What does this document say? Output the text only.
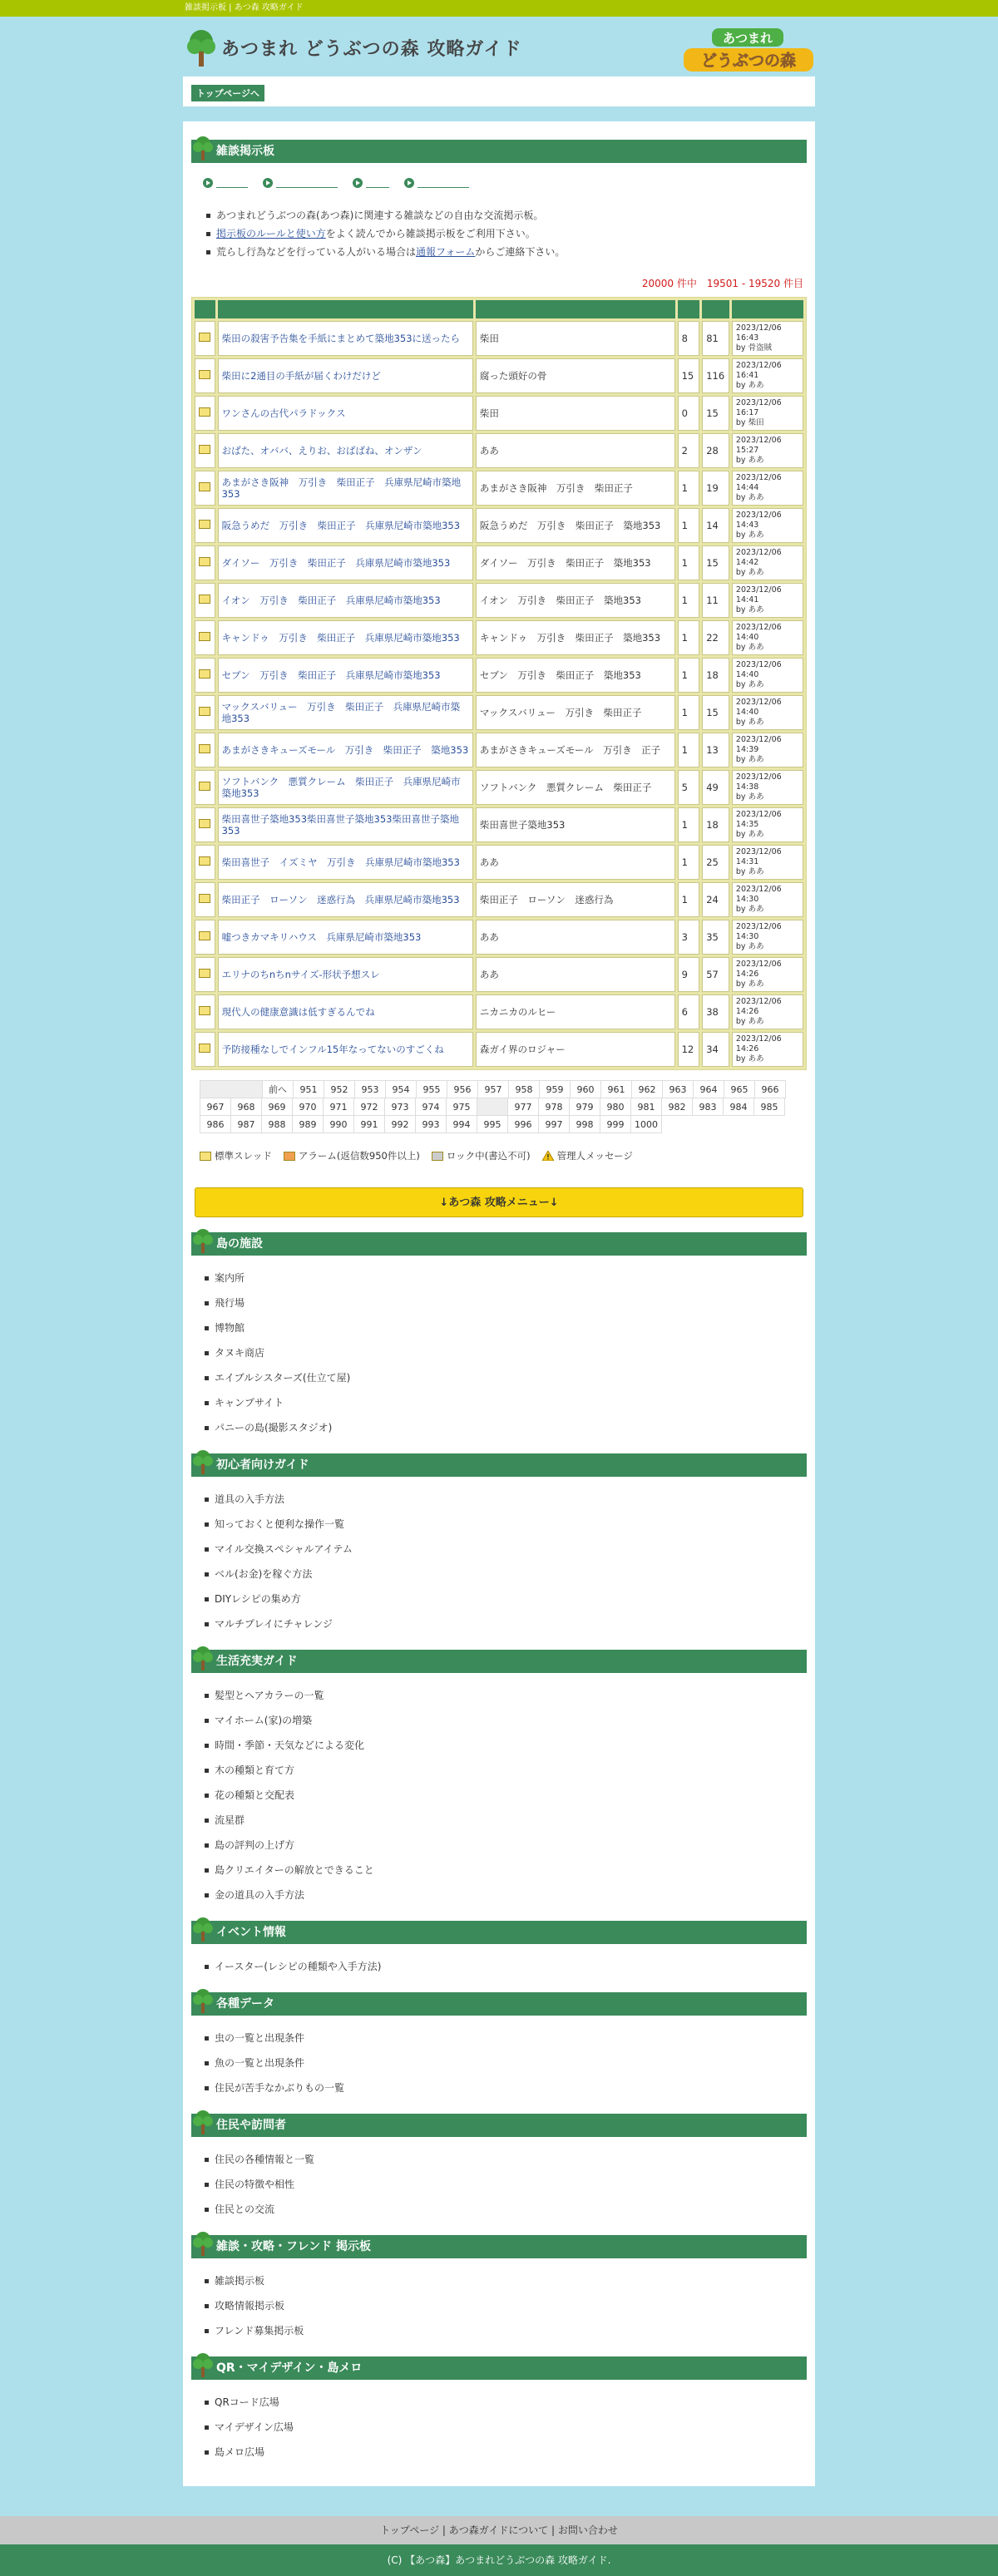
雑談掲示板 | あつ森 攻略ガイド
あつまれ どうぶつの森 攻略ガイド
あつまれ
どうぶつの森
トップページへ
雑談掲示板
あつまれどうぶつの森(あつ森)に関連する雑談などの自由な交流掲示板。
掲示板のルールと使い方をよく読んでから雑談掲示板をご利用下さい。
荒らし行為などを行っている人がいる場合は通報フォームからご連絡下さい。
20000 件中　19501 - 19520 件目

	柴田の殺害予告集を手紙にまとめて築地353に送ったら	柴田	8	81	2023/12/06 16:43
by 骨盗賊
	柴田に2通目の手紙が届くわけだけど	腐った頭好の骨	15	116	2023/12/06 16:41
by ああ
	ワンさんの古代パラドックス	柴田	0	15	2023/12/06 16:17
by 柴田
	おばた、オババ、えりお、おばばね、オンザン	ああ	2	28	2023/12/06 15:27
by ああ
	あまがさき阪神　万引き　柴田正子　兵庫県尼崎市築地353	あまがさき阪神　万引き　柴田正子	1	19	2023/12/06 14:44
by ああ
	阪急うめだ　万引き　柴田正子　兵庫県尼崎市築地353	阪急うめだ　万引き　柴田正子　築地353	1	14	2023/12/06 14:43
by ああ
	ダイソー　万引き　柴田正子　兵庫県尼崎市築地353	ダイソー　万引き　柴田正子　築地353	1	15	2023/12/06 14:42
by ああ
	イオン　万引き　柴田正子　兵庫県尼崎市築地353	イオン　万引き　柴田正子　築地353	1	11	2023/12/06 14:41
by ああ
	キャンドゥ　万引き　柴田正子　兵庫県尼崎市築地353	キャンドゥ　万引き　柴田正子　築地353	1	22	2023/12/06 14:40
by ああ
	セブン　万引き　柴田正子　兵庫県尼崎市築地353	セブン　万引き　柴田正子　築地353	1	18	2023/12/06 14:40
by ああ
	マックスバリュー　万引き　柴田正子　兵庫県尼崎市築地353	マックスバリュー　万引き　柴田正子	1	15	2023/12/06 14:40
by ああ
	あまがさきキューズモール　万引き　柴田正子　築地353	あまがさきキューズモール　万引き　正子	1	13	2023/12/06 14:39
by ああ
	ソフトバンク　悪質クレーム　柴田正子　兵庫県尼崎市築地353	ソフトバンク　悪質クレーム　柴田正子	5	49	2023/12/06 14:38
by ああ
	柴田喜世子築地353柴田喜世子築地353柴田喜世子築地353	柴田喜世子築地353	1	18	2023/12/06 14:35
by ああ
	柴田喜世子　イズミヤ　万引き　兵庫県尼崎市築地353	ああ	1	25	2023/12/06 14:31
by ああ
	柴田正子　ローソン　迷惑行為　兵庫県尼崎市築地353	柴田正子　ローソン　迷惑行為	1	24	2023/12/06 14:30
by ああ
	嘘つきカマキリハウス　兵庫県尼崎市築地353	ああ	3	35	2023/12/06 14:30
by ああ
	エリナのちnちnサイズ-形状予想スレ	ああ	9	57	2023/12/06 14:26
by ああ
	現代人の健康意識は低すぎるんでね	ニカニカのルヒー	6	38	2023/12/06 14:26
by ああ
	予防接種なしでインフル15年なってないのすごくね	森ガイ界のロジャー	12	34	2023/12/06 14:26
by ああ
前へ	951	952	953	954	955	956	957	958	959	960	961	962	963	964	965	966
967	968	969	970	971	972	973	974	975	977	978	979	980	981	982	983	984	985
986	987	988	989	990	991	992	993	994	995	996	997	998	999	1000
標準スレッド	アラーム(返信数950件以上)	ロック中(書込不可)	管理人メッセージ
↓あつ森 攻略メニュー↓
島の施設
案内所
飛行場
博物館
タヌキ商店
エイブルシスターズ(仕立て屋)
キャンプサイト
パニーの島(撮影スタジオ)
初心者向けガイド
道具の入手方法
知っておくと便利な操作一覧
マイル交換スペシャルアイテム
ベル(お金)を稼ぐ方法
DIYレシピの集め方
マルチプレイにチャレンジ
生活充実ガイド
髪型とヘアカラーの一覧
マイホーム(家)の増築
時間・季節・天気などによる変化
木の種類と育て方
花の種類と交配表
流星群
島の評判の上げ方
島クリエイターの解放とできること
金の道具の入手方法
イベント情報
イースター(レシピの種類や入手方法)
各種データ
虫の一覧と出現条件
魚の一覧と出現条件
住民が苦手なかぶりもの一覧
住民や訪問者
住民の各種情報と一覧
住民の特徴や相性
住民との交流
雑談・攻略・フレンド 掲示板
雑談掲示板
攻略情報掲示板
フレンド募集掲示板
QR・マイデザイン・島メロ
QRコード広場
マイデザイン広場
島メロ広場
トップページ | あつ森ガイドについて | お問い合わせ
(C) 【あつ森】あつまれどうぶつの森 攻略ガイド.
